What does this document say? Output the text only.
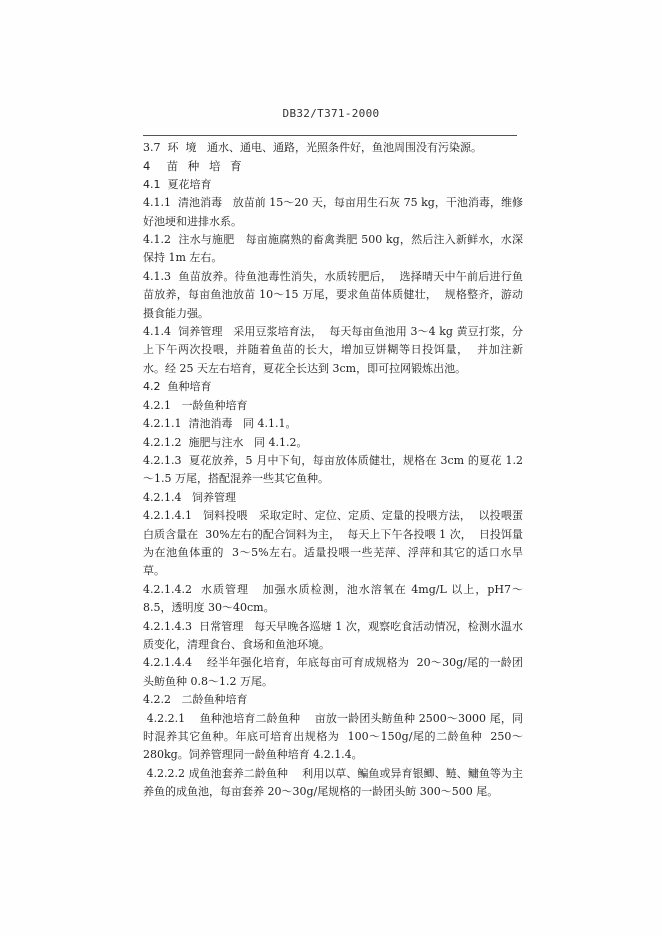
DB32/T371-2000

3.7  环  境   通水、通电、通路，光照条件好，鱼池周围没有污染源。

4  苗 种 培 育

4.1  夏花培育

4.1.1  清池消毒   放苗前 15～20 天，每亩用生石灰 75 kg，干池消毒，维修好池埂和进排水系。

4.1.2  注水与施肥   每亩施腐熟的畜禽粪肥 500 kg，然后注入新鲜水，水深保持 1m 左右。

4.1.3  鱼苗放养。待鱼池毒性消失，水质转肥后，  选择晴天中午前后进行鱼苗放养，每亩鱼池放苗 10～15 万尾，要求鱼苗体质健壮，  规格整齐，游动摄食能力强。

4.1.4  饲养管理   采用豆浆培育法，  每天每亩鱼池用 3～4 kg 黄豆打浆，分上下午两次投喂，并随着鱼苗的长大，增加豆饼糊等日投饵量，  并加注新水。经 25 天左右培育，夏花全长达到 3cm，即可拉网锻炼出池。

4.2  鱼种培育

4.2.1   一龄鱼种培育

4.2.1.1  清池消毒   同 4.1.1。

4.2.1.2  施肥与注水   同 4.1.2。

4.2.1.3  夏花放养，5 月中下旬，每亩放体质健壮，规格在 3cm 的夏花 1.2～1.5 万尾，搭配混养一些其它鱼种。

4.2.1.4   饲养管理

4.2.1.4.1   饲料投喂   采取定时、定位、定质、定量的投喂方法，  以投喂蛋白质含量在  30%左右的配合饲料为主，  每天上下午各投喂 1 次，  日投饵量为在池鱼体重的  3～5%左右。适量投喂一些芜萍、浮萍和其它的适口水旱草。

4.2.1.4.2  水质管理   加强水质检测，池水溶氧在 4mg/L 以上，pH7～8.5，透明度 30～40cm。

4.2.1.4.3  日常管理   每天早晚各巡塘 1 次，观察吃食活动情况，检测水温水质变化，清理食台、食场和鱼池环境。

4.2.1.4.4    经半年强化培育，年底每亩可育成规格为  20～30g/尾的一龄团头鲂鱼种 0.8～1.2 万尾。

4.2.2   二龄鱼种培育

4.2.2.1    鱼种池培育二龄鱼种    亩放一龄团头鲂鱼种 2500～3000 尾，同时混养其它鱼种。年底可培育出规格为  100～150g/尾的二龄鱼种  250～280kg。饲养管理同一龄鱼种培育 4.2.1.4。

4.2.2.2 成鱼池套养二龄鱼种    利用以草、鳊鱼或异育银鲫、鲢、鳙鱼等为主养鱼的成鱼池，每亩套养 20～30g/尾规格的一龄团头鲂 300～500 尾。
